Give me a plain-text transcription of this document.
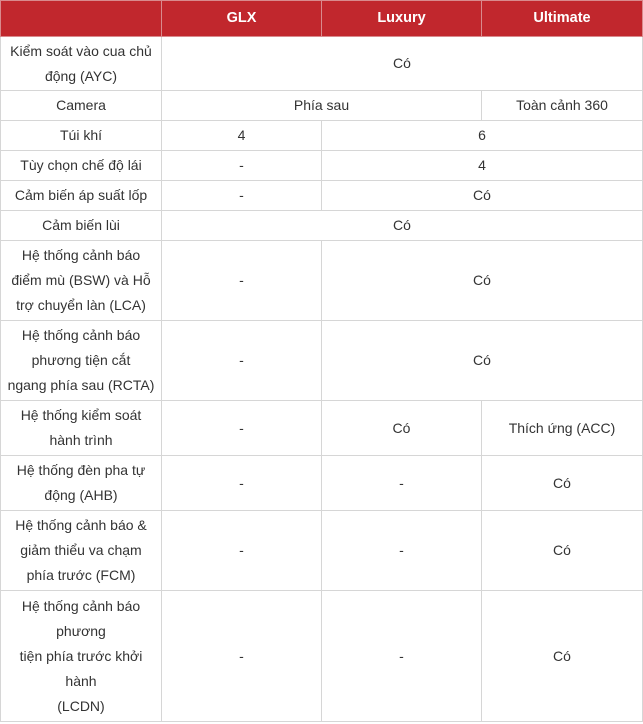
	GLX	Luxury	Ultimate
Kiểm soát vào cua chủ
động (AYC)	Có		
Camera	Phía sau		Toàn cảnh 360
Túi khí	4	6	
Tùy chọn chế độ lái	-	4	
Cảm biến áp suất lốp	-	Có	
Cảm biến lùi	Có		
Hệ thống cảnh báo
điểm mù (BSW) và Hỗ
trợ chuyển làn (LCA)	-	Có	
Hệ thống cảnh báo
phương tiện cắt
ngang phía sau (RCTA)	-	Có	
Hệ thống kiểm soát
hành trình	-	Có	Thích ứng (ACC)
Hệ thống đèn pha tự
động (AHB)	-	-	Có
Hệ thống cảnh báo &
giảm thiểu va chạm
phía trước (FCM)	-	-	Có
Hệ thống cảnh báo
phương
tiện phía trước khởi
hành
(LCDN)	-	-	Có
